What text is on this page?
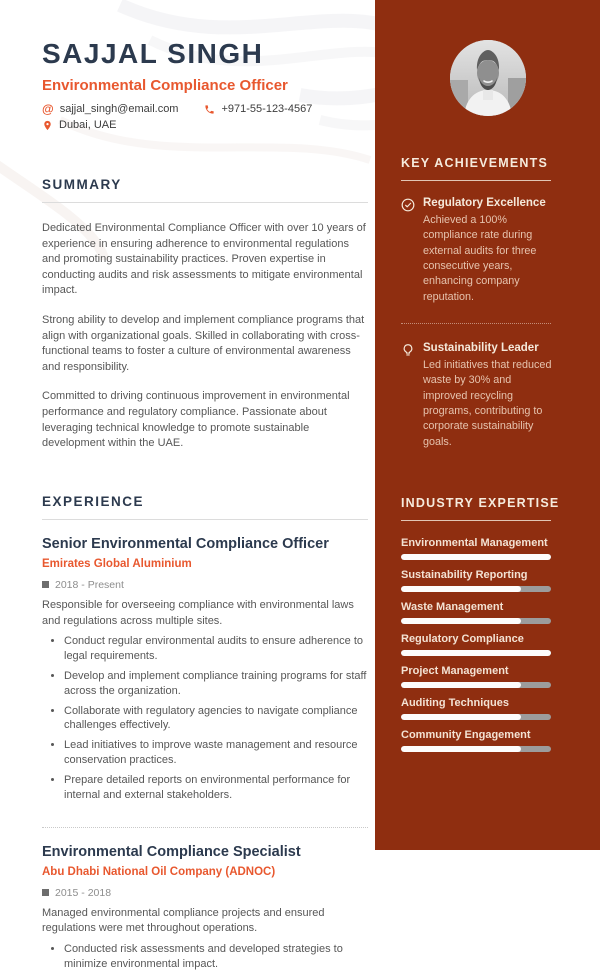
KEY ACHIEVEMENTS
Regulatory Excellence
Achieved a 100% compliance rate during external audits for three consecutive years, enhancing company reputation.
Sustainability Leader
Led initiatives that reduced waste by 30% and improved recycling programs, contributing to corporate sustainability goals.
INDUSTRY EXPERTISE
Environmental Management
Sustainability Reporting
Waste Management
Regulatory Compliance
Project Management
Auditing Techniques
Community Engagement
SAJJAL SINGH
Environmental Compliance Officer
@ sajjal_singh@email.com	+971-55-123-4567
Dubai, UAE
SUMMARY

Dedicated Environmental Compliance Officer with over 10 years of experience in ensuring adherence to environmental regulations and promoting sustainability practices. Proven expertise in conducting audits and risk assessments to mitigate environmental impact.

Strong ability to develop and implement compliance programs that align with organizational goals. Skilled in collaborating with cross-functional teams to foster a culture of environmental awareness and responsibility.

Committed to driving continuous improvement in environmental performance and regulatory compliance. Passionate about leveraging technical knowledge to promote sustainable development within the UAE.

EXPERIENCE
Senior Environmental Compliance Officer
Emirates Global Aluminium
2018 - Present

Responsible for overseeing compliance with environmental laws and regulations across multiple sites.

• Conduct regular environmental audits to ensure adherence to legal requirements.
• Develop and implement compliance training programs for staff across the organization.
• Collaborate with regulatory agencies to navigate compliance challenges effectively.
• Lead initiatives to improve waste management and resource conservation practices.
• Prepare detailed reports on environmental performance for internal and external stakeholders.
Environmental Compliance Specialist
Abu Dhabi National Oil Company (ADNOC)
2015 - 2018

Managed environmental compliance projects and ensured regulations were met throughout operations.

• Conducted risk assessments and developed strategies to minimize environmental impact.
